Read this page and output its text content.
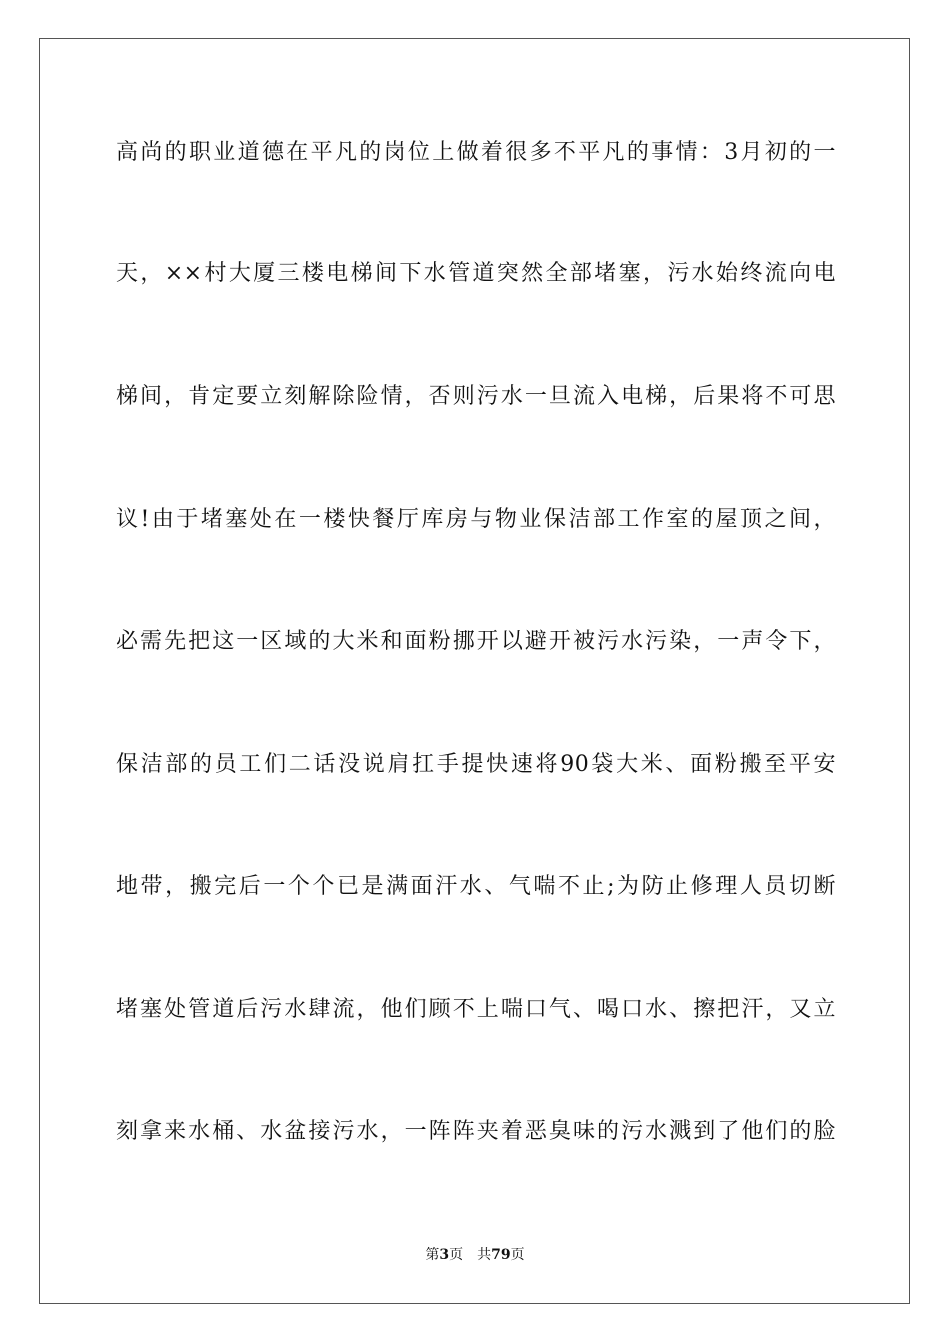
高尚的职业道德在平凡的岗位上做着很多不平凡的事情：3月初的一
天，××村大厦三楼电梯间下水管道突然全部堵塞，污水始终流向电
梯间，肯定要立刻解除险情，否则污水一旦流入电梯，后果将不可思
议!由于堵塞处在一楼快餐厅库房与物业保洁部工作室的屋顶之间，
必需先把这一区域的大米和面粉挪开以避开被污水污染，一声令下，
保洁部的员工们二话没说肩扛手提快速将90袋大米、面粉搬至平安
地带，搬完后一个个已是满面汗水、气喘不止;为防止修理人员切断
堵塞处管道后污水肆流，他们顾不上喘口气、喝口水、擦把汗，又立
刻拿来水桶、水盆接污水，一阵阵夹着恶臭味的污水溅到了他们的脸
第3页 共79页
